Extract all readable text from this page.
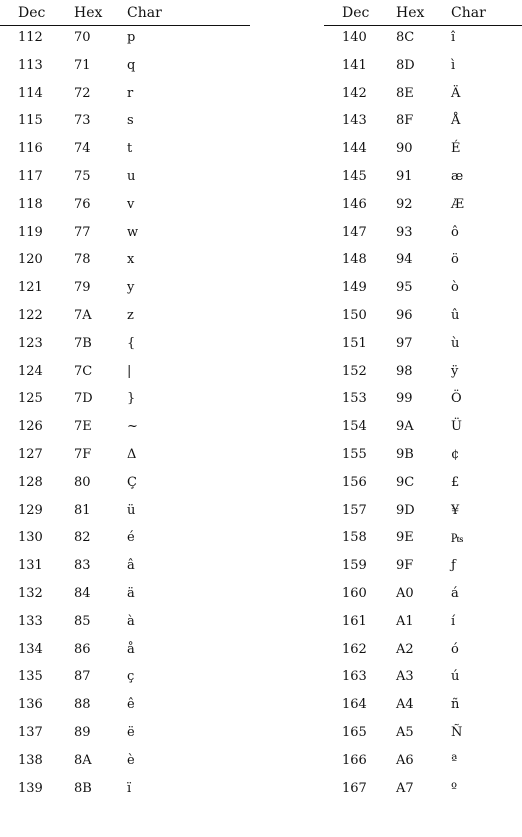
Dec Hex Char
112 70	p
113 71	q
114 72	r
115 73	s
116 74	t
117 75	u
118 76	v
119 77	w
120 78	x
121 79	y
122 7A	z
123 7B	{
124 7C	|
125 7D	}
126 7E	~
127 7F	Δ
128 80	Ç
129 81	ü
130 82	é
131 83	â
132 84	ä
133 85	à
134 86	å
135 87	ç
136 88	ê
137 89	ë
138 8A	è
139 8B	ï
Dec Hex Char
140 8C	î
141 8D	ì
142 8E	Ä
143 8F	Å
144 90	É
145 91	æ
146 92	Æ
147 93	ô
148 94	ö
149 95	ò
150 96	û
151 97	ù
152 98	ÿ
153 99	Ö
154 9A	Ü
155 9B	¢
156 9C	£
157 9D	¥
158 9E	₧
159 9F	ƒ
160 A0	á
161 A1	í
162 A2	ó
163 A3	ú
164 A4	ñ
165 A5	Ñ
166 A6	ª
167 A7	º
